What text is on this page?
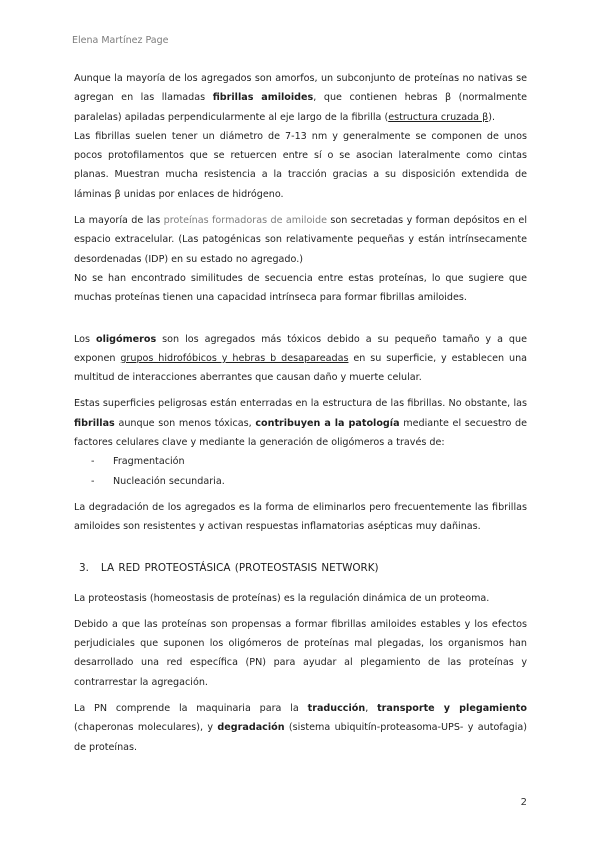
Elena Martínez Page

Aunque la mayoría de los agregados son amorfos, un subconjunto de proteínas no nativas se agregan en las llamadas fibrillas amiloides, que contienen hebras β (normalmente paralelas) apiladas perpendicularmente al eje largo de la fibrilla (estructura cruzada β).

Las fibrillas suelen tener un diámetro de 7-13 nm y generalmente se componen de unos pocos protofilamentos que se retuercen entre sí o se asocian lateralmente como cintas planas. Muestran mucha resistencia a la tracción gracias a su disposición extendida de láminas β unidas por enlaces de hidrógeno.

La mayoría de las proteínas formadoras de amiloide son secretadas y forman depósitos en el espacio extracelular. (Las patogénicas son relativamente pequeñas y están intrínsecamente desordenadas (IDP) en su estado no agregado.)

No se han encontrado similitudes de secuencia entre estas proteínas, lo que sugiere que muchas proteínas tienen una capacidad intrínseca para formar fibrillas amiloides.

Los oligómeros son los agregados más tóxicos debido a su pequeño tamaño y a que exponen grupos hidrofóbicos y hebras b desapareadas en su superficie, y establecen una multitud de interacciones aberrantes que causan daño y muerte celular.

Estas superficies peligrosas están enterradas en la estructura de las fibrillas. No obstante, las fibrillas aunque son menos tóxicas, contribuyen a la patología mediante el secuestro de factores celulares clave y mediante la generación de oligómeros a través de:

- Fragmentación
- Nucleación secundaria.

La degradación de los agregados es la forma de eliminarlos pero frecuentemente las fibrillas amiloides son resistentes y activan respuestas inflamatorias asépticas muy dañinas.

3. LA RED PROTEOSTÁSICA (PROTEOSTASIS NETWORK)

La proteostasis (homeostasis de proteínas) es la regulación dinámica de un proteoma.

Debido a que las proteínas son propensas a formar fibrillas amiloides estables y los efectos perjudiciales que suponen los oligómeros de proteínas mal plegadas, los organismos han desarrollado una red específica (PN) para ayudar al plegamiento de las proteínas y contrarrestar la agregación.

La PN comprende la maquinaria para la traducción, transporte y plegamiento (chaperonas moleculares), y degradación (sistema ubiquitín-proteasoma-UPS- y autofagia) de proteínas.

2
